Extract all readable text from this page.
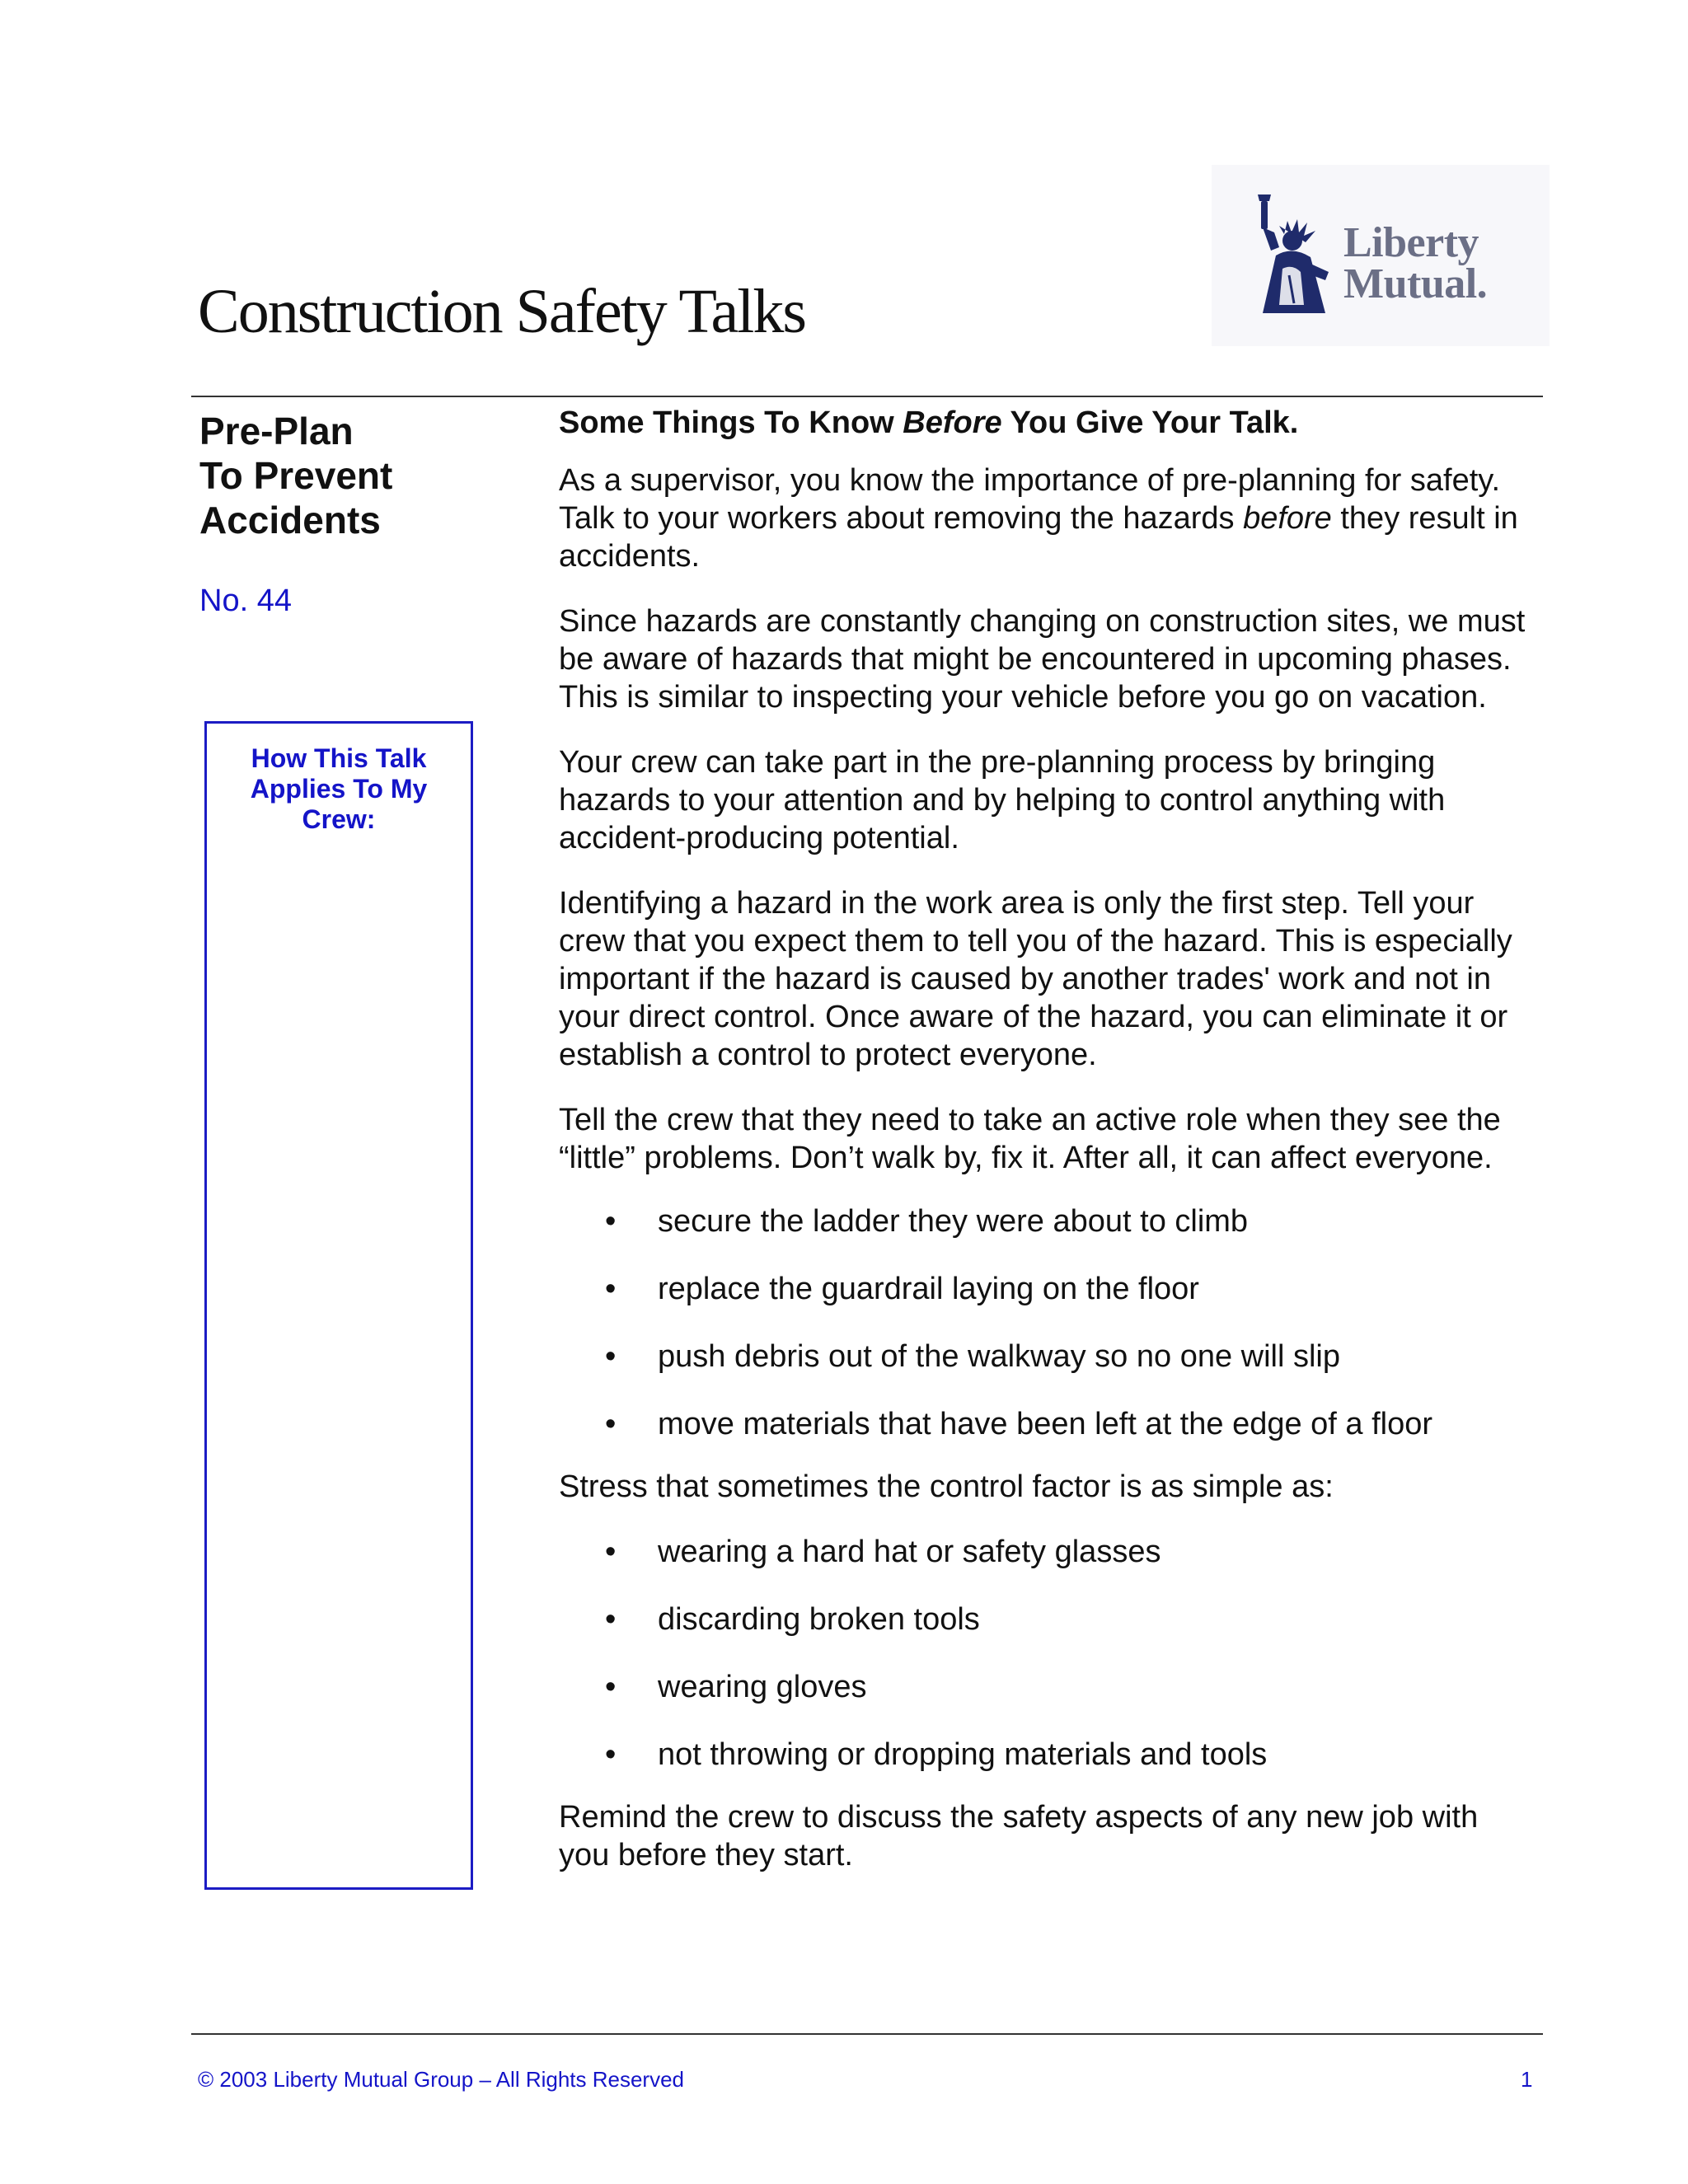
Construction Safety Talks
Liberty
Mutual.
Pre-Plan
To Prevent
Accidents
No. 44
How This Talk Applies To My Crew:
Some Things To Know Before You Give Your Talk.

As a supervisor, you know the importance of pre-planning for safety. Talk to your workers about removing the hazards before they result in accidents.

Since hazards are constantly changing on construction sites, we must be aware of hazards that might be encountered in upcoming phases. This is similar to inspecting your vehicle before you go on vacation.

Your crew can take part in the pre-planning process by bringing hazards to your attention and by helping to control anything with accident-producing potential.

Identifying a hazard in the work area is only the first step. Tell your crew that you expect them to tell you of the hazard. This is especially important if the hazard is caused by another trades' work and not in your direct control. Once aware of the hazard, you can eliminate it or establish a control to protect everyone.

Tell the crew that they need to take an active role when they see the “little” problems. Don’t walk by, fix it. After all, it can affect everyone.

• secure the ladder they were about to climb
• replace the guardrail laying on the floor
• push debris out of the walkway so no one will slip
• move materials that have been left at the edge of a floor

Stress that sometimes the control factor is as simple as:

• wearing a hard hat or safety glasses
• discarding broken tools
• wearing gloves
• not throwing or dropping materials and tools

Remind the crew to discuss the safety aspects of any new job with you before they start.

© 2003 Liberty Mutual Group – All Rights Reserved	1
